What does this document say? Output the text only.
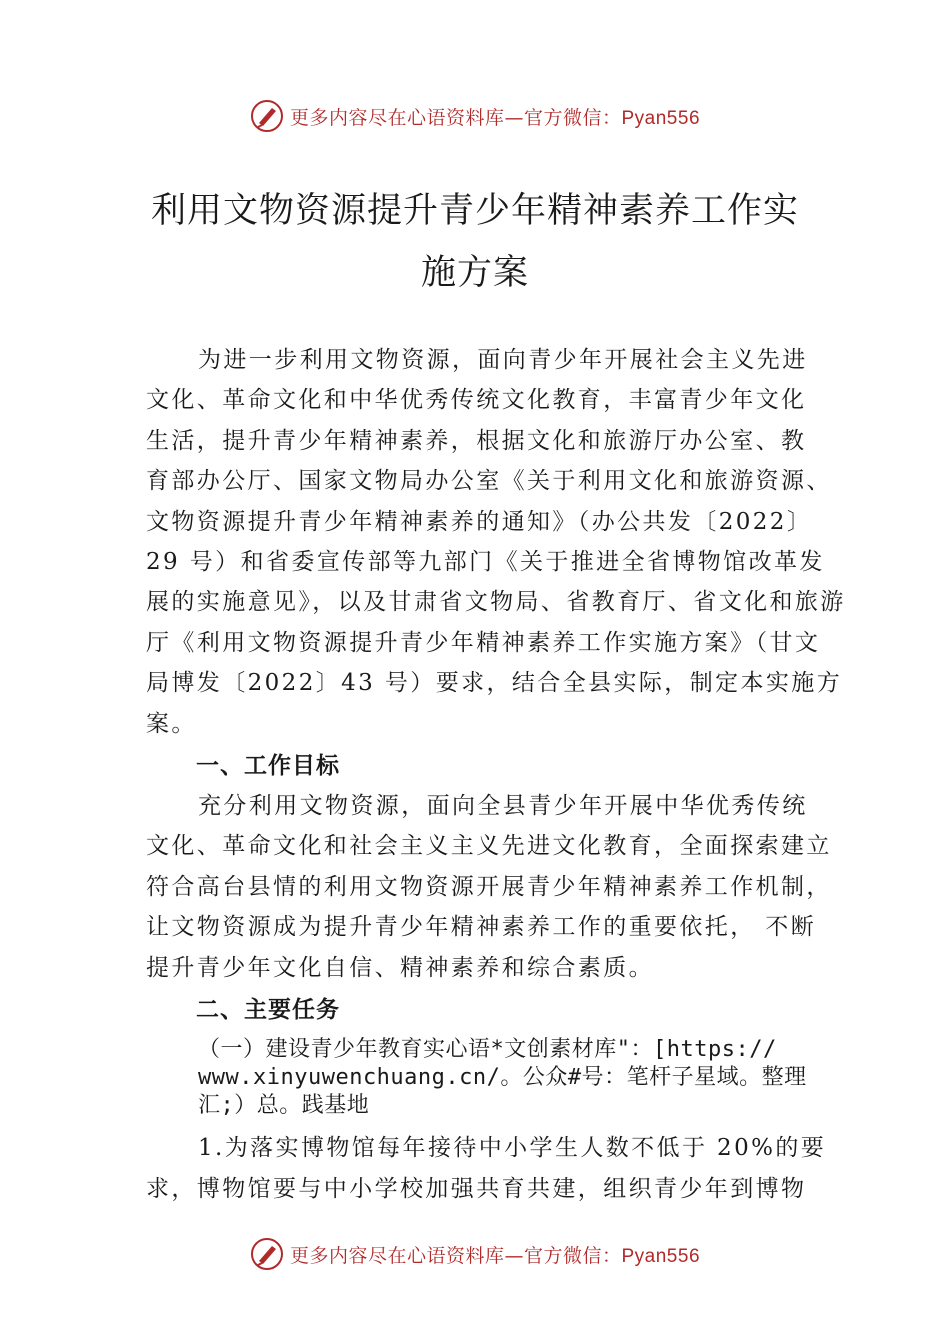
更多内容尽在心语资料库—官方微信：Pyan556
利用文物资源提升青少年精神素养工作实
施方案

为进一步利用文物资源，面向青少年开展社会主义先进
文化、革命文化和中华优秀传统文化教育，丰富青少年文化
生活，提升青少年精神素养，根据文化和旅游厅办公室、教
育部办公厅、国家文物局办公室《关于利用文化和旅游资源、
文物资源提升青少年精神素养的通知》（办公共发〔2022〕
29 号）和省委宣传部等九部门《关于推进全省博物馆改革发
展的实施意见》，以及甘肃省文物局、省教育厅、省文化和旅游
厅《利用文物资源提升青少年精神素养工作实施方案》（甘文
局博发〔2022〕43 号）要求，结合全县实际，制定本实施方
案。

一、工作目标

充分利用文物资源，面向全县青少年开展中华优秀传统
文化、革命文化和社会主义主义先进文化教育，全面探索建立
符合高台县情的利用文物资源开展青少年精神素养工作机制，
让文物资源成为提升青少年精神素养工作的重要依托， 不断
提升青少年文化自信、精神素养和综合素质。

二、主要任务
（一）建设青少年教育实心语*文创素材库"：[https://
www.xinyuwenchuang.cn/。公众#号：笔杆子星域。整理
汇;）总。践基地

1.为落实博物馆每年接待中小学生人数不低于 20%的要
求，博物馆要与中小学校加强共育共建，组织青少年到博物

更多内容尽在心语资料库—官方微信：Pyan556
